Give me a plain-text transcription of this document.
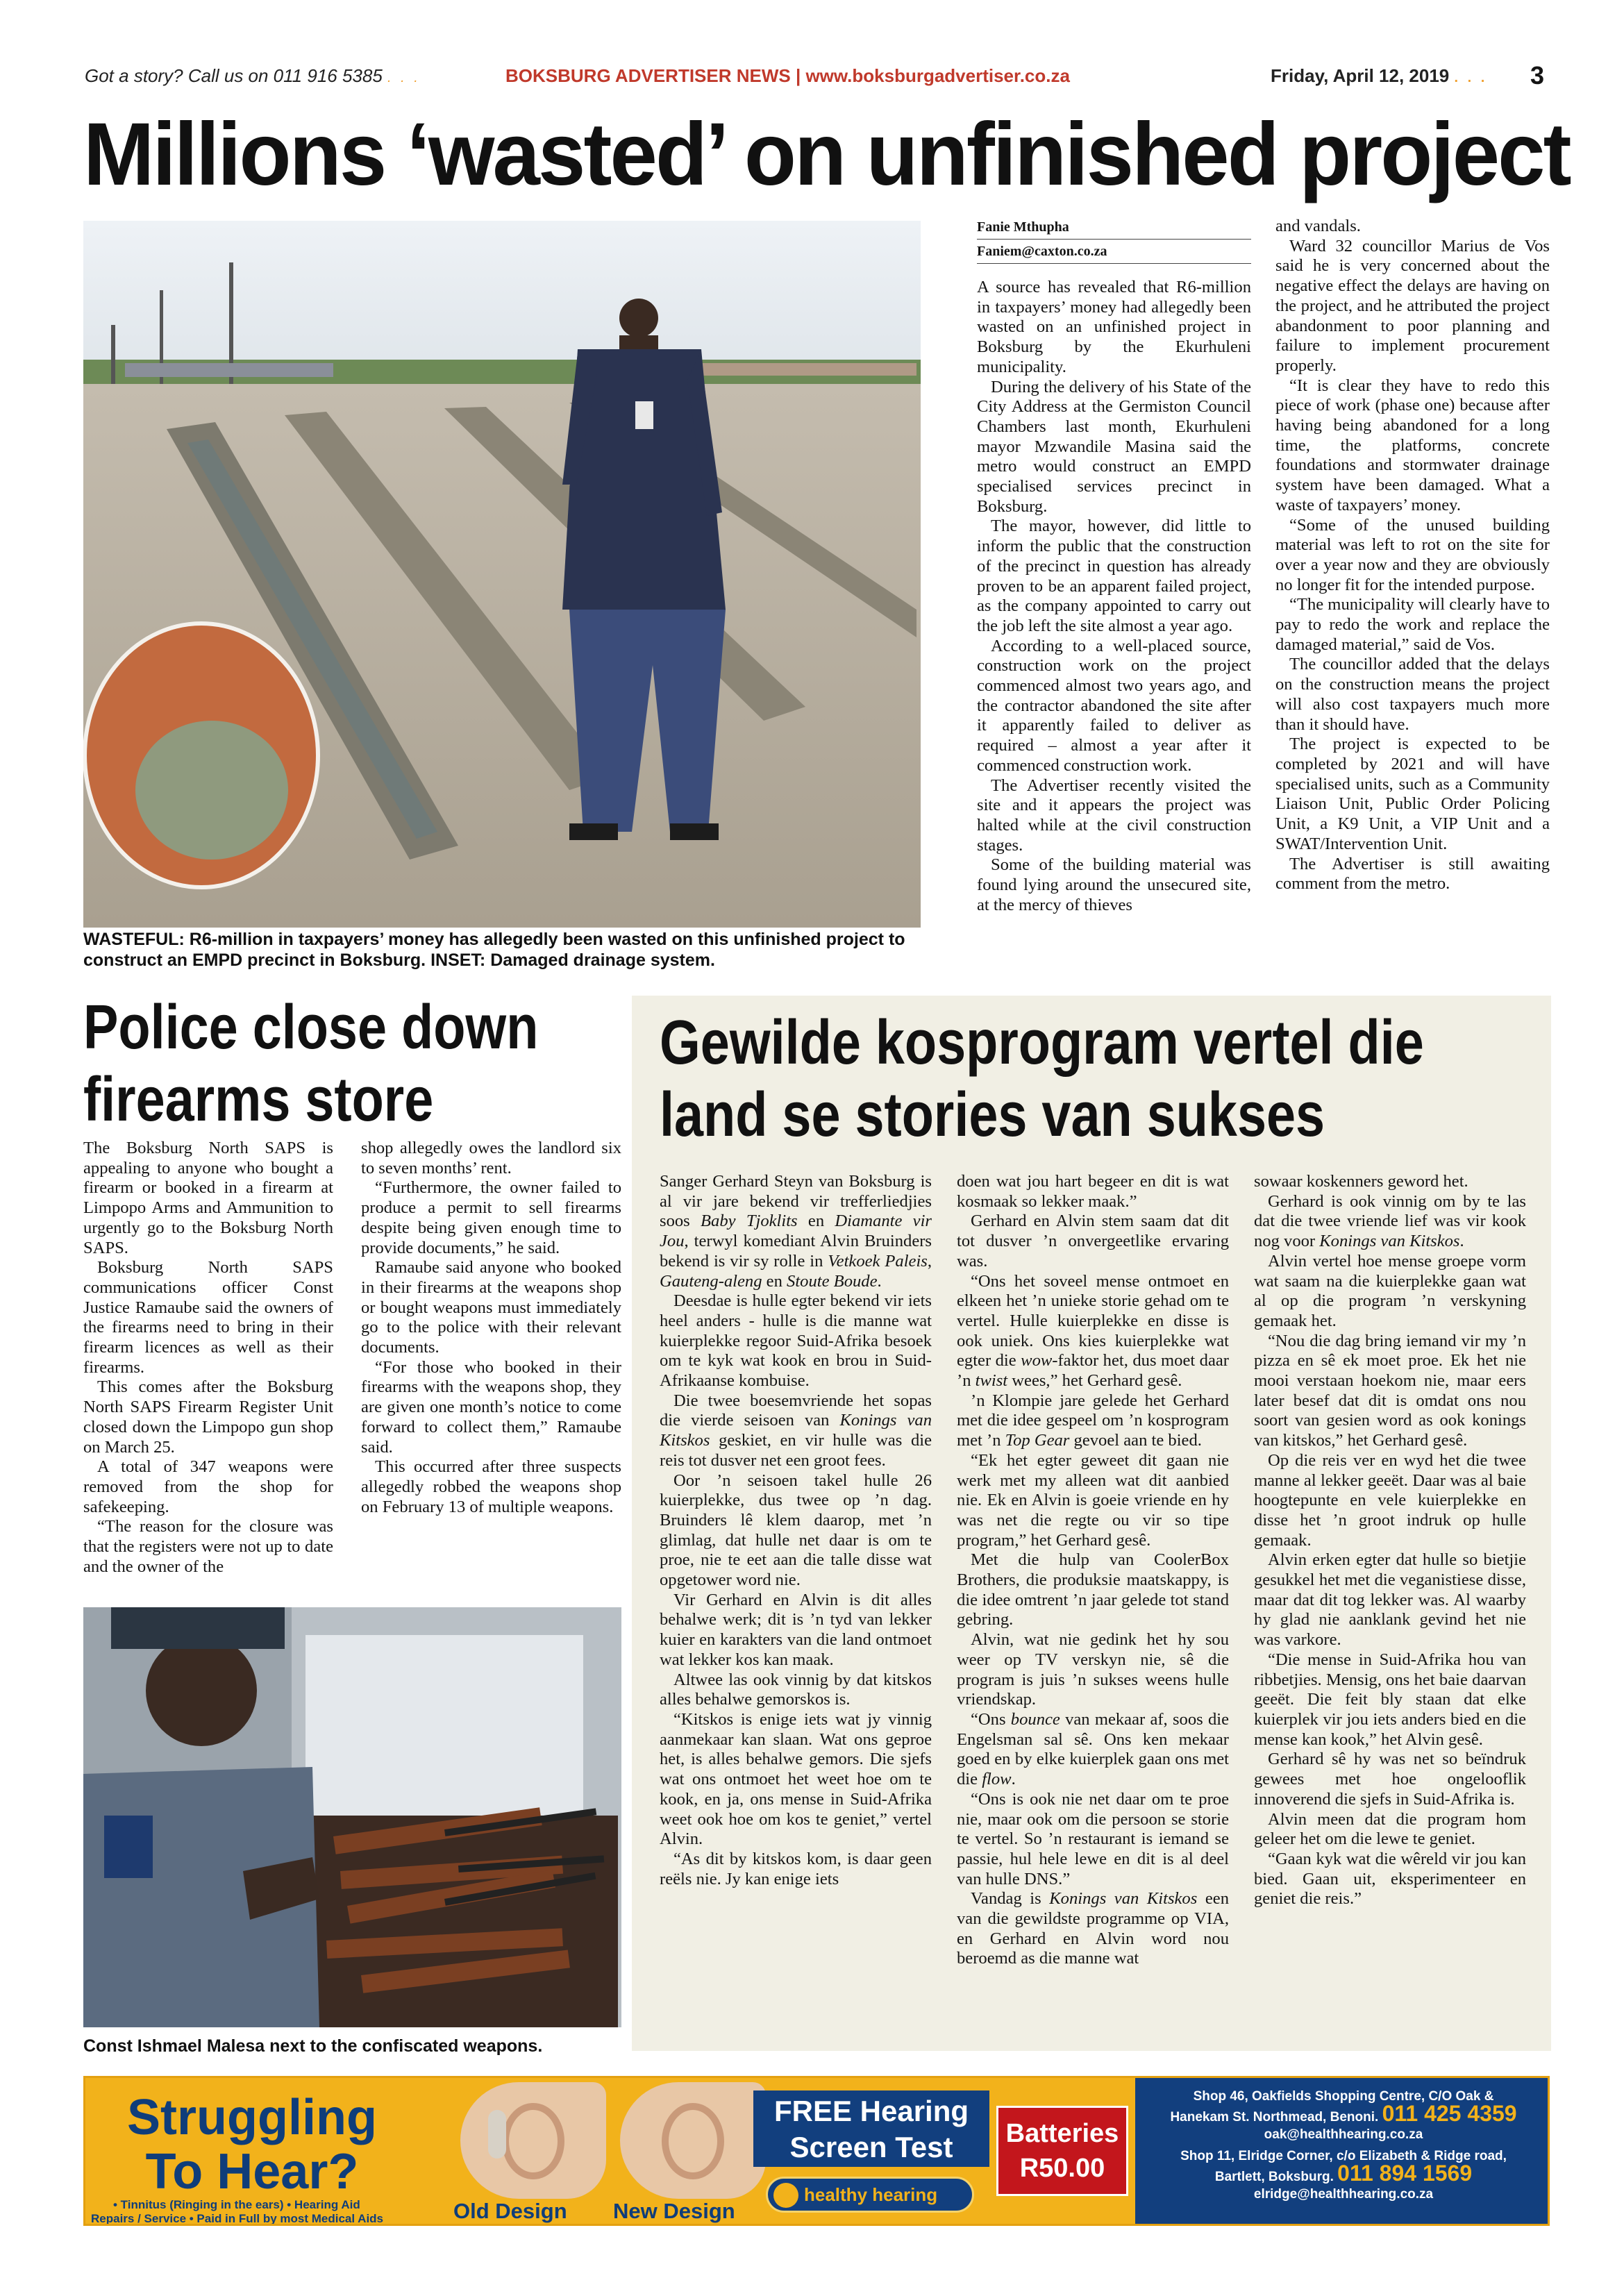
Got a story? Call us on 011 916 5385 . . .	BOKSBURG ADVERTISER NEWS | www.boksburgadvertiser.co.za	Friday, April 12, 2019 . . . 3
Millions ‘wasted’ on unfinished project
WASTEFUL: R6-million in taxpayers’ money has allegedly been wasted on this unfinished project to construct an EMPD precinct in Boksburg. INSET: Damaged drainage system.
Fanie Mthupha
Faniem@caxton.co.za

A source has revealed that R6-million in taxpayers’ money had allegedly been wasted on an unfinished project in Boksburg by the Ekurhuleni municipality.

During the delivery of his State of the City Address at the Germiston Council Chambers last month, Ekurhuleni mayor Mzwandile Masina said the metro would construct an EMPD specialised services precinct in Boksburg.

The mayor, however, did little to inform the public that the construction of the precinct in question has already proven to be an apparent failed project, as the company appointed to carry out the job left the site almost a year ago.

According to a well-placed source, construction work on the project commenced almost two years ago, and the contractor abandoned the site after it apparently failed to deliver as required – almost a year after it commenced construction work.

The Advertiser recently visited the site and it appears the project was halted while at the civil construction stages.

Some of the building material was found lying around the unsecured site, at the mercy of thieves

and vandals.

Ward 32 councillor Marius de Vos said he is very concerned about the negative effect the delays are having on the project, and he attributed the project abandonment to poor planning and failure to implement procurement properly.

“It is clear they have to redo this piece of work (phase one) because after having being abandoned for a long time, the platforms, concrete foundations and stormwater drainage system have been damaged. What a waste of taxpayers’ money.

“Some of the unused building material was left to rot on the site for over a year now and they are obviously no longer fit for the intended purpose.

“The municipality will clearly have to pay to redo the work and replace the damaged material,” said de Vos.

The councillor added that the delays on the construction means the project will also cost taxpayers much more than it should have.

The project is expected to be completed by 2021 and will have specialised units, such as a Community Liaison Unit, Public Order Policing Unit, a K9 Unit, a VIP Unit and a SWAT/Intervention Unit.

The Advertiser is still awaiting comment from the metro.

Police close down firearms store

The Boksburg North SAPS is appealing to anyone who bought a firearm or booked in a firearm at Limpopo Arms and Ammunition to urgently go to the Boksburg North SAPS.

Boksburg North SAPS communications officer Const Justice Ramaube said the owners of the firearms need to bring in their firearm licences as well as their firearms.

This comes after the Boksburg North SAPS Firearm Register Unit closed down the Limpopo gun shop on March 25.

A total of 347 weapons were removed from the shop for safekeeping.

“The reason for the closure was that the registers were not up to date and the owner of the

shop allegedly owes the landlord six to seven months’ rent.

“Furthermore, the owner failed to produce a permit to sell firearms despite being given enough time to provide documents,” he said.

Ramaube said anyone who booked in their firearms at the weapons shop or bought weapons must immediately go to the police with their relevant documents.

“For those who booked in their firearms with the weapons shop, they are given one month’s notice to come forward to collect them,” Ramaube said.

This occurred after three suspects allegedly robbed the weapons shop on February 13 of multiple weapons.

Const Ishmael Malesa next to the confiscated weapons.
Gewilde kosprogram vertel die land se stories van sukses

Sanger Gerhard Steyn van Boksburg is al vir jare bekend vir trefferliedjies soos Baby Tjoklits en Diamante vir Jou, terwyl komediant Alvin Bruinders bekend is vir sy rolle in Vetkoek Paleis, Gauteng-aleng en Stoute Boude.

Deesdae is hulle egter bekend vir iets heel anders - hulle is die manne wat kuierplekke regoor Suid-Afrika besoek om te kyk wat kook en brou in Suid-Afrikaanse kombuise.

Die twee boesemvriende het sopas die vierde seisoen van Konings van Kitskos geskiet, en vir hulle was die reis tot dusver net een groot fees.

Oor ’n seisoen takel hulle 26 kuierplekke, dus twee op ’n dag. Bruinders lê klem daarop, met ’n glimlag, dat hulle net daar is om te proe, nie te eet aan die talle disse wat opgetower word nie.

Vir Gerhard en Alvin is dit alles behalwe werk; dit is ’n tyd van lekker kuier en karakters van die land ontmoet wat lekker kos kan maak.

Altwee las ook vinnig by dat kitskos alles behalwe gemorskos is.

“Kitskos is enige iets wat jy vinnig aanmekaar kan slaan. Wat ons geproe het, is alles behalwe gemors. Die sjefs wat ons ontmoet het weet hoe om te kook, en ja, ons mense in Suid-Afrika weet ook hoe om kos te geniet,” vertel Alvin.

“As dit by kitskos kom, is daar geen reëls nie. Jy kan enige iets

doen wat jou hart begeer en dit is wat kosmaak so lekker maak.”

Gerhard en Alvin stem saam dat dit tot dusver ’n onvergeetlike ervaring was.

“Ons het soveel mense ontmoet en elkeen het ’n unieke storie gehad om te vertel. Hulle kuierplekke en disse is ook uniek. Ons kies kuierplekke wat egter die wow-faktor het, dus moet daar ’n twist wees,” het Gerhard gesê.

’n Klompie jare gelede het Gerhard met die idee gespeel om ’n kosprogram met ’n Top Gear gevoel aan te bied.

“Ek het egter geweet dit gaan nie werk met my alleen wat dit aanbied nie. Ek en Alvin is goeie vriende en hy was net die regte ou vir so tipe program,” het Gerhard gesê.

Met die hulp van CoolerBox Brothers, die produksie maatskappy, is die idee omtrent ’n jaar gelede tot stand gebring.

Alvin, wat nie gedink het hy sou weer op TV verskyn nie, sê die program is juis ’n sukses weens hulle vriendskap.

“Ons bounce van mekaar af, soos die Engelsman sal sê. Ons ken mekaar goed en by elke kuierplek gaan ons met die flow.

“Ons is ook nie net daar om te proe nie, maar ook om die persoon se storie te vertel. So ’n restaurant is iemand se passie, hul hele lewe en dit is al deel van hulle DNS.”

Vandag is Konings van Kitskos een van die gewildste programme op VIA, en Gerhard en Alvin word nou beroemd as die manne wat

sowaar koskenners geword het.

Gerhard is ook vinnig om by te las dat die twee vriende lief was vir kook nog voor Konings van Kitskos.

Alvin vertel hoe mense groepe vorm wat saam na die kuierplekke gaan wat al op die program ’n verskyning gemaak het.

“Nou die dag bring iemand vir my ’n pizza en sê ek moet proe. Ek het nie mooi verstaan hoekom nie, maar eers later besef dat dit is omdat ons nou soort van gesien word as ook konings van kitskos,” het Gerhard gesê.

Op die reis ver en wyd het die twee manne al lekker geeët. Daar was al baie hoogtepunte en vele kuierplekke en disse het ’n groot indruk op hulle gemaak.

Alvin erken egter dat hulle so bietjie gesukkel het met die veganistiese disse, maar dat dit tog lekker was. Al waarby hy glad nie aanklank gevind het nie was varkore.

“Die mense in Suid-Afrika hou van ribbetjies. Mensig, ons het baie daarvan geeët. Die feit bly staan dat elke kuierplek vir jou iets anders bied en die mense kan kook,” het Alvin gesê.

Gerhard sê hy was net so beïndruk gewees met hoe ongelooflik innoverend die sjefs in Suid-Afrika is.

Alvin meen dat die program hom geleer het om die lewe te geniet.

“Gaan kyk wat die wêreld vir jou kan bied. Gaan uit, eksperimenteer en geniet die reis.”

Struggling
To Hear?
• Tinnitus (Ringing in the ears) • Hearing Aid
Repairs / Service • Paid in Full by most Medical Aids	Old Design New Design
FREE Hearing
Screen Test
healthy hearing
Batteries
R50.00
Shop 46, Oakfields Shopping Centre, C/O Oak &
Hanekam St. Northmead, Benoni. 011 425 4359
oak@healthhearing.co.za
Shop 11, Elridge Corner, c/o Elizabeth & Ridge road,
Bartlett, Boksburg. 011 894 1569
elridge@healthhearing.co.za
